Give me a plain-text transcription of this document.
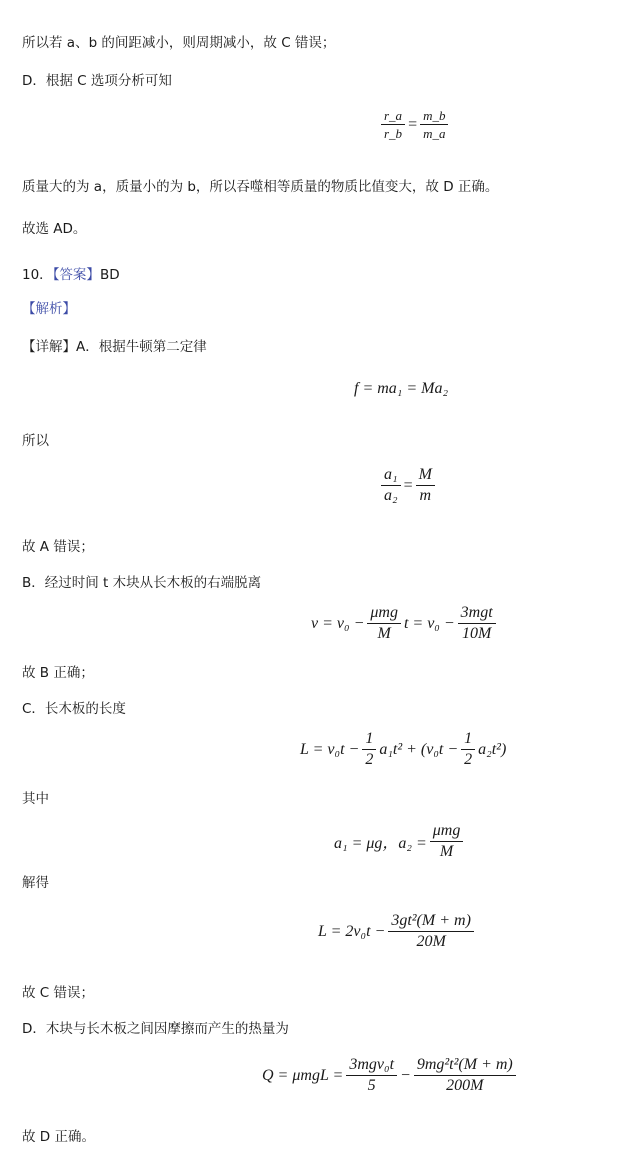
所以若 a、b 的间距减小，则周期减小，故 C 错误；
D．根据 C 选项分析可知
$\frac{r\_a}{r\_b} = \frac{m\_b}{m\_a}$
质量大的为 a，质量小的为 b，所以吞噬相等质量的物质比值变大，故 D 正确。
故选 AD。
10．【答案】BD
【解析】
【详解】A．根据牛顿第二定律
f = ma₁ = Ma₂
所以
$\frac{\text{a₁}}{\text{a₂}} = \frac{M}{m}$
故 A 错误；
B．经过时间 t 木块从长木板的右端脱离
$v = v_0 - \frac{\text{μmg}}{M}$ $t = v_0 - \frac{\text{3mgt}}{10M}$
故 B 正确；
C．长木板的长度
$L = v_0t - \frac{1}{2} a_1t^2 + (v_0t - \frac{1}{2} a_2t^2)$
其中
a₁ = μg，$a_2 = \frac{\text{μmg}}{M}$
解得
$L = 2v_0t - \frac{\text{3gt²(M + m)}}{20M}$
故 C 错误；
D．木块与长木板之间因摩擦而产生的热量为
$Q = \mu mgL = \frac{\text{3mgv₀t}}{5} - \frac{\text{9mg²t²(M + m)}}{200M}$
故 D 正确。
